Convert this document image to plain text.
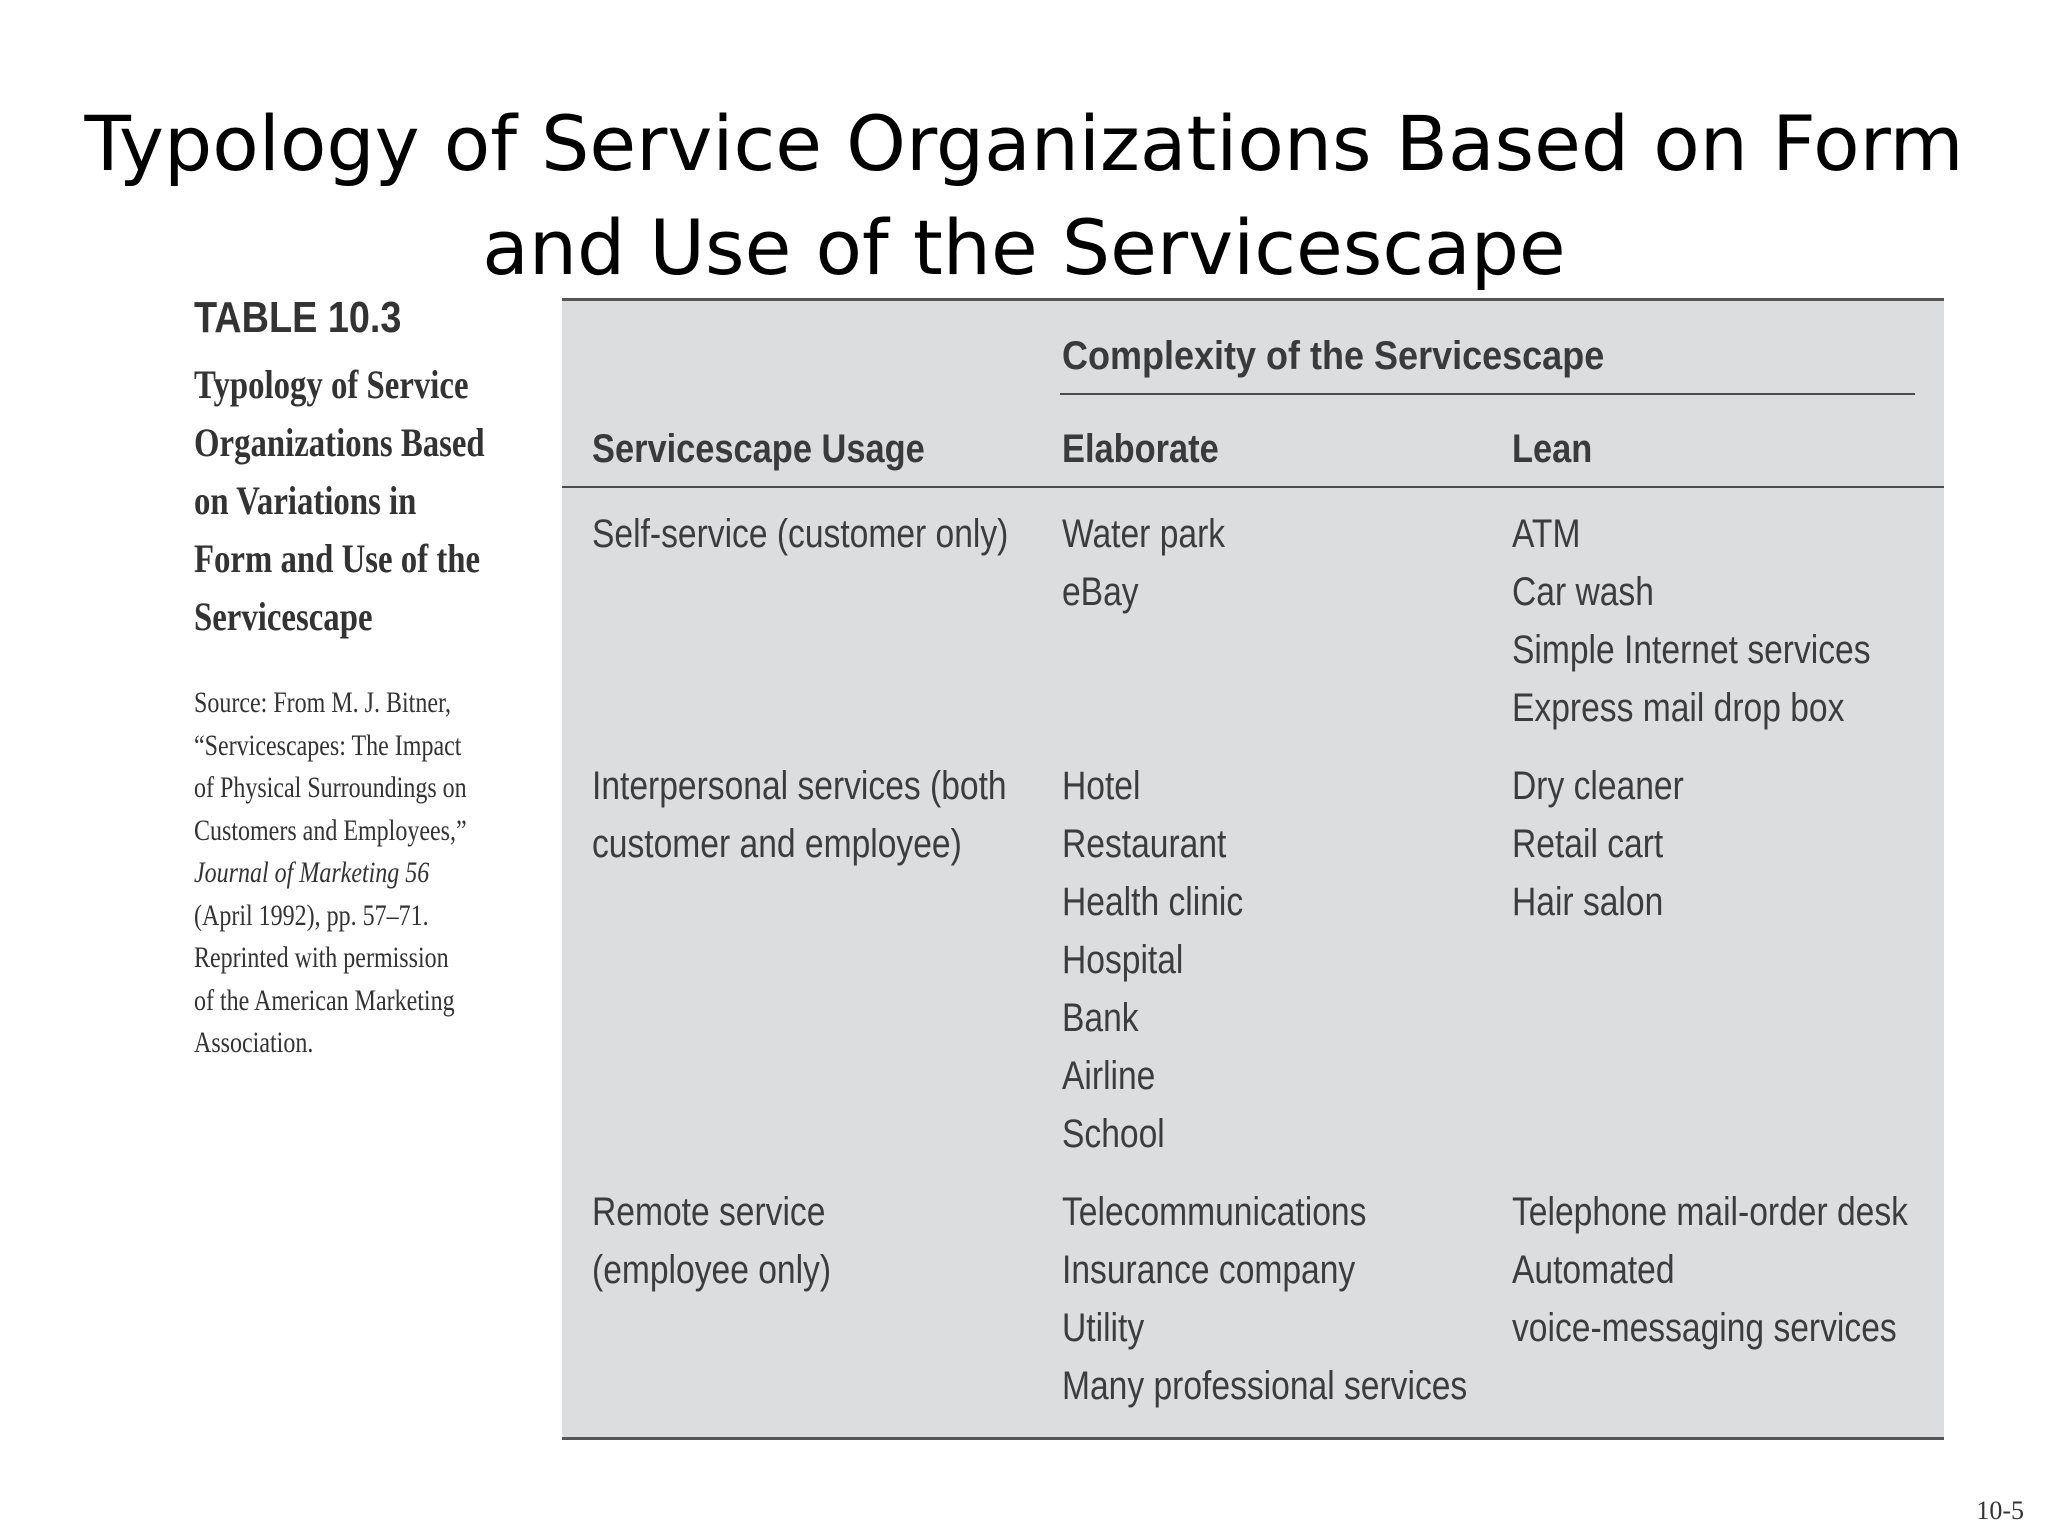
Typology of Service Organizations Based on Form
and Use of the Servicescape
TABLE 10.3
Typology of Service
Organizations Based
on Variations in
Form and Use of the
Servicescape
Source: From M. J. Bitner,
“Servicescapes: The Impact
of Physical Surroundings on
Customers and Employees,”
Journal of Marketing 56
(April 1992), pp. 57–71.
Reprinted with permission
of the American Marketing
Association.
Complexity of the Servicescape
Servicescape Usage	Elaborate	Lean
Self-service (customer only) Water park
eBay
ATM
Car wash
Simple Internet services
Express mail drop box
Interpersonal services (both
customer and employee)
Hotel
Restaurant
Health clinic
Hospital
Bank
Airline
School
Dry cleaner
Retail cart
Hair salon
Remote service
(employee only)
Telecommunications
Insurance company
Utility
Many professional services
Telephone mail-order desk
Automated
voice-messaging services
10-5
